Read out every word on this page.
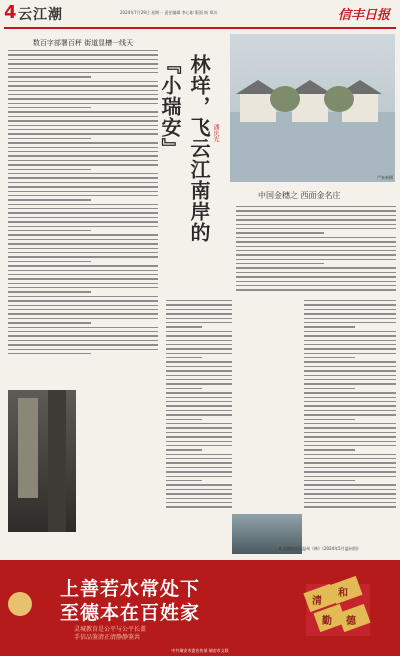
4 云江潮	2024年7月29日 星期一 责任编辑 李心如 版面 纸 郑川	信丰日报
数百字部署百秤 街道显槽一线天
林垟，飞云江南岸的『小瑞安』	潘庆光
严家新摄
中国金穗之 西面金名庄
本文插图选自温州《林》《2024年5月温州图》
上善若水常处下
至德本在百姓家
灵城教育是公平与公平长盖
手信品鉴清正清静静鉴共
清
和
勤 德
中共瑞安市委宣传部 瑞安市文联
